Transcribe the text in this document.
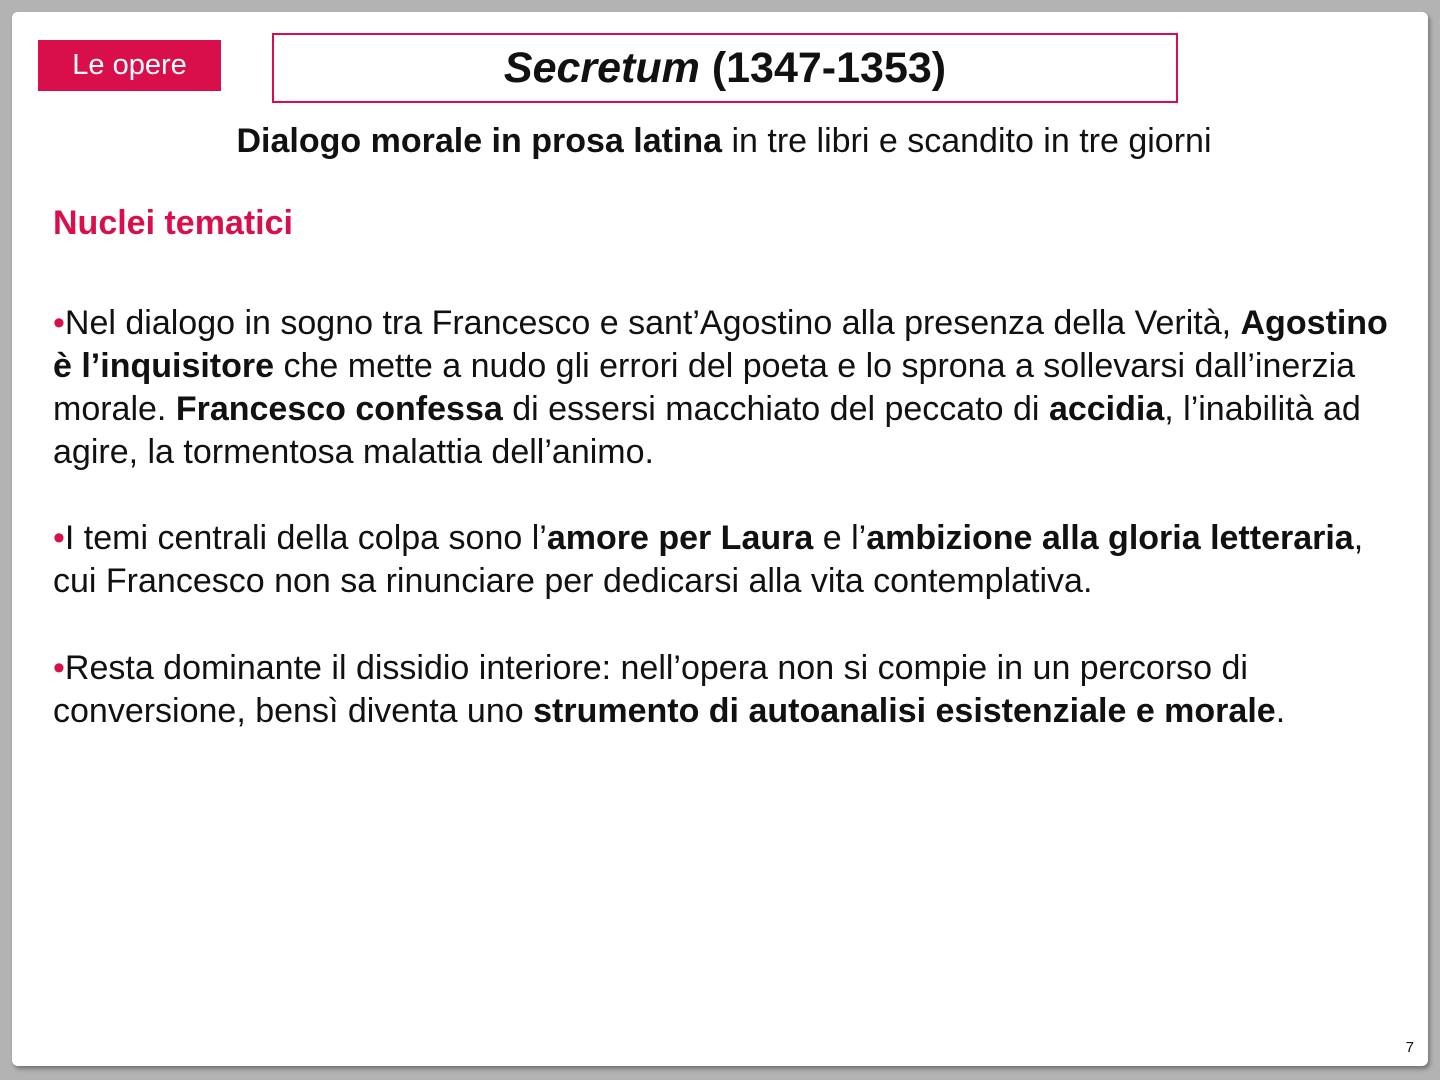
Le opere	Secretum (1347-1353)
Dialogo morale in prosa latina in tre libri e scandito in tre giorni
Nuclei tematici
•Nel dialogo in sogno tra Francesco e sant’Agostino alla presenza della Verità, Agostino è l’inquisitore che mette a nudo gli errori del poeta e lo sprona a sollevarsi dall’inerzia morale. Francesco confessa di essersi macchiato del peccato di accidia, l’inabilità ad agire, la tormentosa malattia dell’animo.
•I temi centrali della colpa sono l’amore per Laura e l’ambizione alla gloria letteraria, cui Francesco non sa rinunciare per dedicarsi alla vita contemplativa.
•Resta dominante il dissidio interiore: nell’opera non si compie in un percorso di conversione, bensì diventa uno strumento di autoanalisi esistenziale e morale.
7
